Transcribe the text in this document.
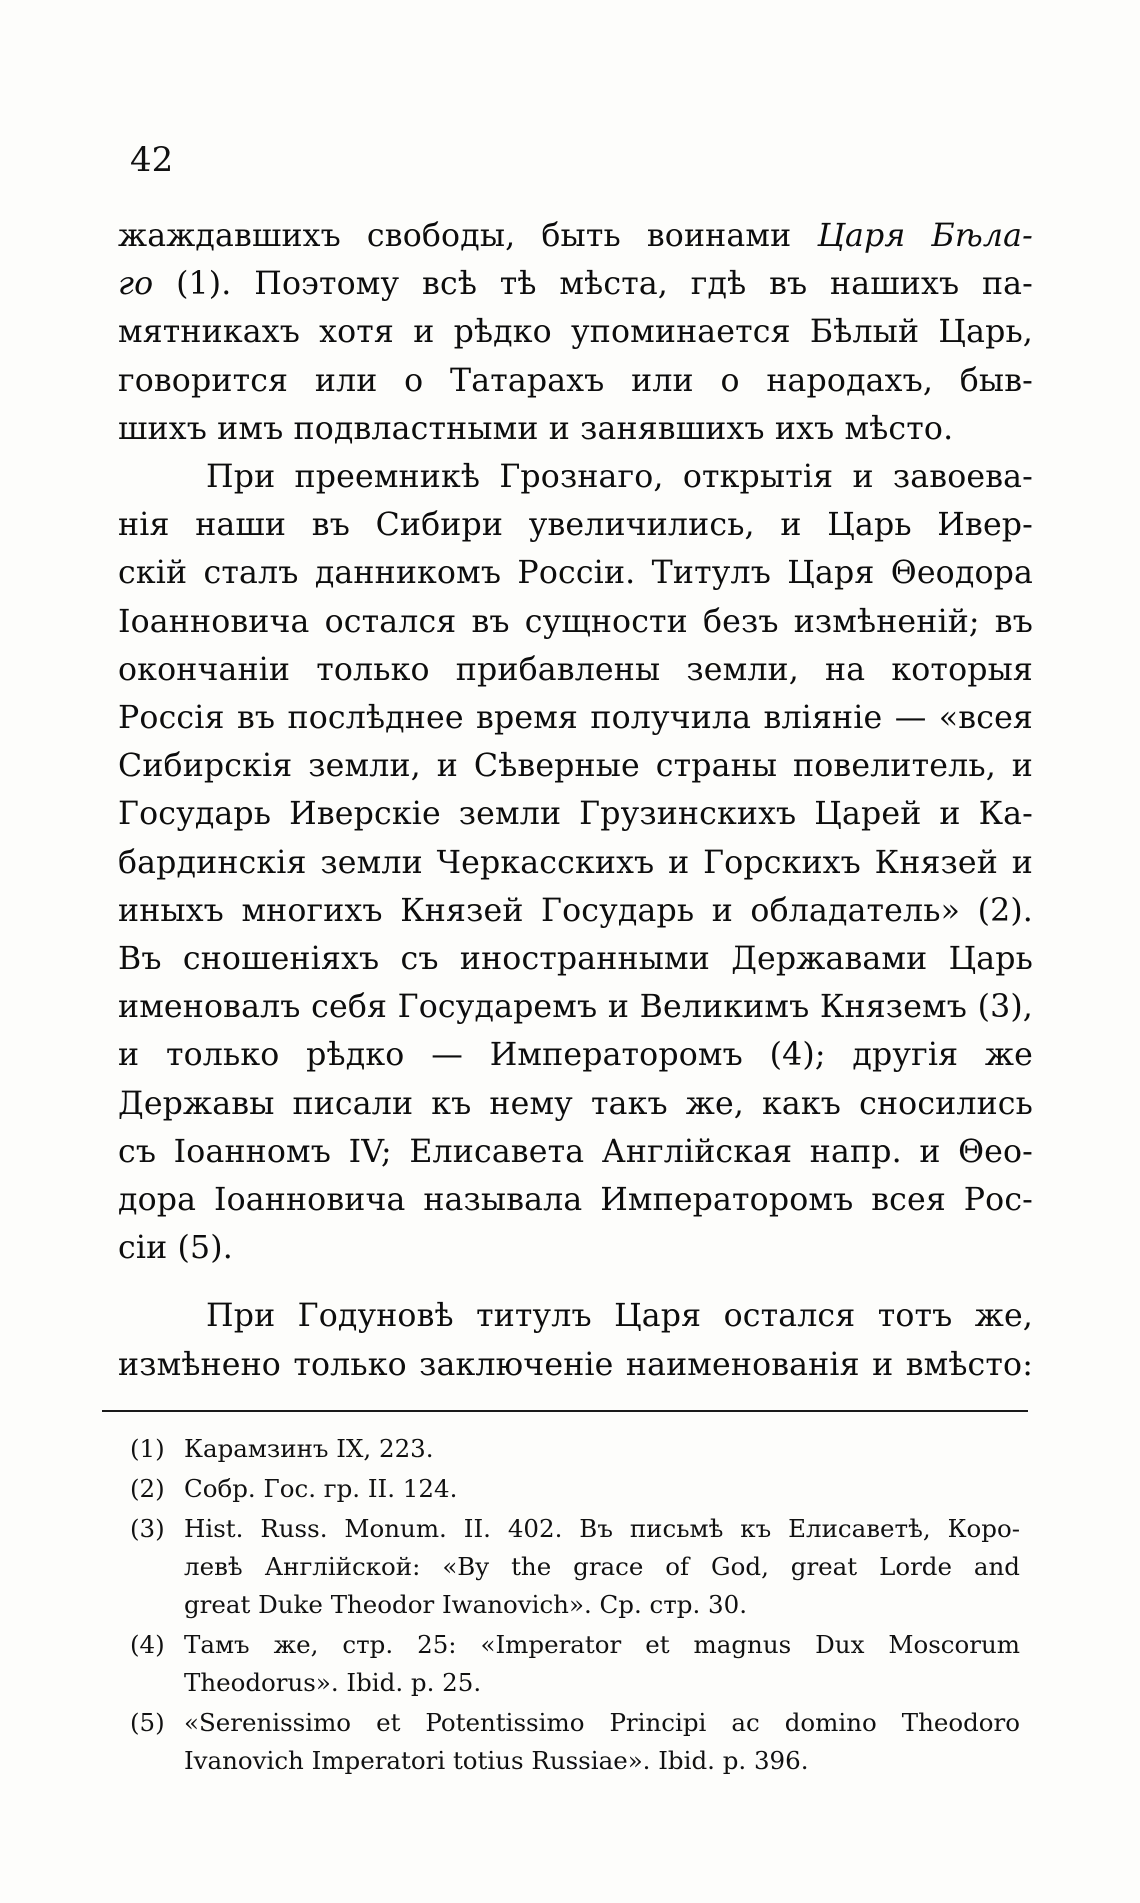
42
жаждавшихъ свободы, быть воинами Царя Бѣла-
го (1). Поэтому всѣ тѣ мѣста, гдѣ въ нашихъ па-
мятникахъ хотя и рѣдко упоминается Бѣлый Царь,
говорится или о Татарахъ или о народахъ, быв-
шихъ имъ подвластными и занявшихъ ихъ мѣсто.
При преемникѣ Грознаго, открытія и завоева-
нія наши въ Сибири увеличились, и Царь Ивер-
скій сталъ данникомъ Россіи. Титулъ Царя Θеодора
Іоанновича остался въ сущности безъ измѣненій; въ
окончаніи только прибавлены земли, на которыя
Россія въ послѣднее время получила вліяніе — «всея
Сибирскія земли, и Сѣверные страны повелитель, и
Государь Иверскіе земли Грузинскихъ Царей и Ка-
бардинскія земли Черкасскихъ и Горскихъ Князей и
иныхъ многихъ Князей Государь и обладатель» (2).
Въ сношеніяхъ съ иностранными Державами Царь
именовалъ себя Государемъ и Великимъ Княземъ (3),
и только рѣдко — Императоромъ (4); другія же
Державы писали къ нему такъ же, какъ сносились
съ Іоанномъ IV; Елисавета Англійская напр. и Θео-
дора Іоанновича называла Императоромъ всея Рос-
сіи (5).
При Годуновѣ титулъ Царя остался тотъ же,
измѣнено только заключеніе наименованія и вмѣсто:
(1) Карамзинъ IX, 223.
(2) Собр. Гос. гр. II. 124.
(3) Hist. Russ. Monum. II. 402. Въ письмѣ къ Елисаветѣ, Коро-
левѣ Англійской: «By the grace of God, great Lorde and
great Duke Theodor Iwanovich». Ср. стр. 30.
(4) Тамъ же, стр. 25: «Imperator et magnus Dux Moscorum
Theodorus». Ibid. p. 25.
(5) «Serenissimo et Potentissimo Principi ac domino Theodoro
Ivanovich Imperatori totius Russiae». Ibid. p. 396.
